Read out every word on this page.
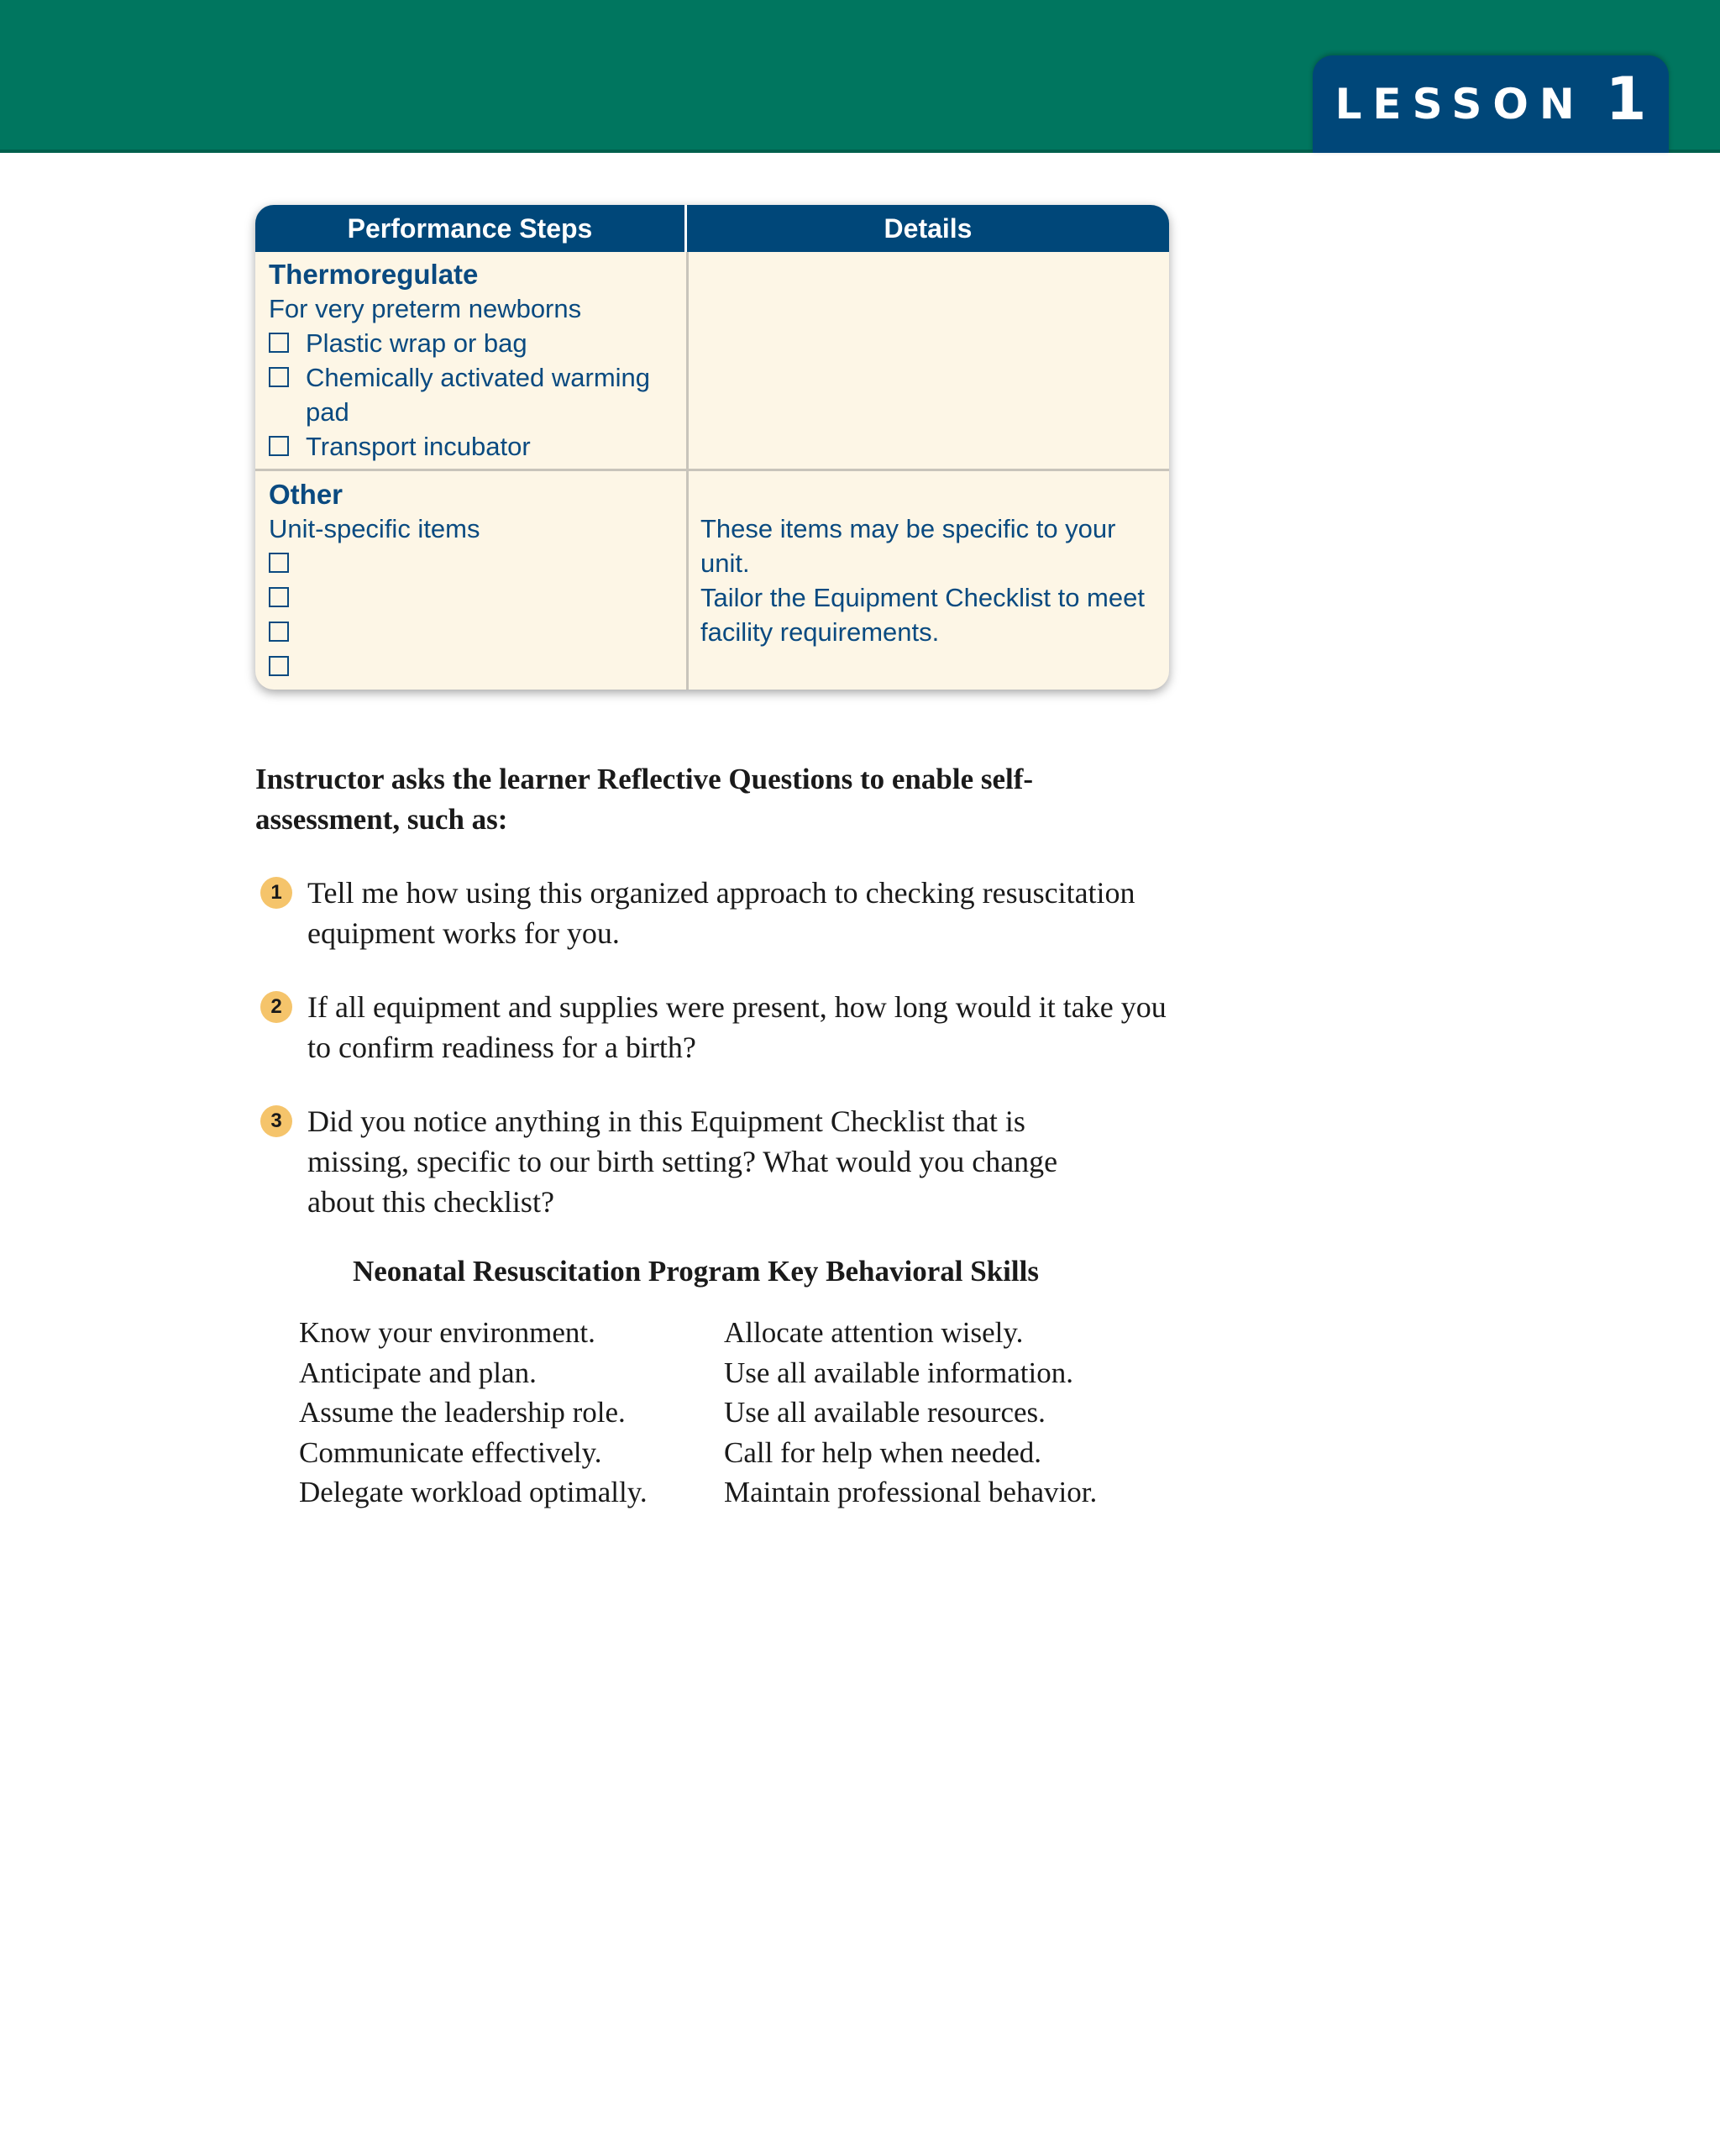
LESSON 1
Performance Steps	Details
Thermoregulate
For very preterm newborns
Plastic wrap or bag
Chemically activated warming pad
Transport incubator
Other
Unit-specific items	These items may be specific to your unit.
Tailor the Equipment Checklist to meet facility requirements.
Instructor asks the learner Reflective Questions to enable self-assessment, such as:
1 Tell me how using this organized approach to checking resuscitation equipment works for you.
2 If all equipment and supplies were present, how long would it take you to confirm readiness for a birth?
3 Did you notice anything in this Equipment Checklist that is missing, specific to our birth setting? What would you change about this checklist?
Neonatal Resuscitation Program Key Behavioral Skills
Know your environment.
Anticipate and plan.
Assume the leadership role.
Communicate effectively.
Delegate workload optimally.
Allocate attention wisely.
Use all available information.
Use all available resources.
Call for help when needed.
Maintain professional behavior.
